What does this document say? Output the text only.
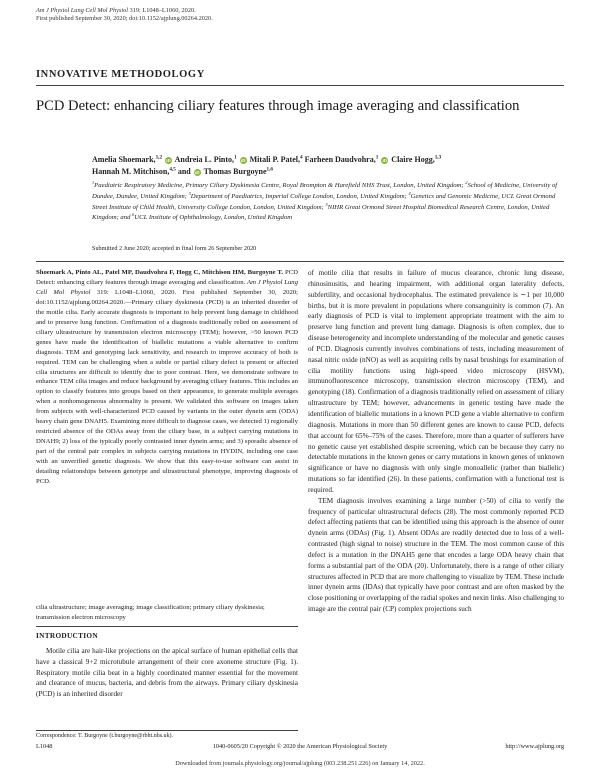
Am J Physiol Lung Cell Mol Physiol 319: L1048–L1060, 2020.
First published September 30, 2020; doi:10.1152/ajplung.00264.2020.
INNOVATIVE METHODOLOGY
PCD Detect: enhancing ciliary features through image averaging and classification
Amelia Shoemark,$^{1,2}$ iD Andreia L. Pinto,$^1$ iD Mitali P. Patel,$^4$ Farheen Daudvohra,$^1$ iD Claire Hogg,$^{1,3}$
Hannah M. Mitchison,$^{4,5}$ and iD Thomas Burgoyne$^{1,6}$
$^1$Paediatric Respiratory Medicine, Primary Ciliary Dyskinesia Centre, Royal Brompton & Harefield NHS Trust, London, United Kingdom; $^2$School of Medicine, University of Dundee, Dundee, United Kingdom; $^3$Department of Paediatrics, Imperial College London, London, United Kingdom; $^4$Genetics and Genomic Medicine, UCL Great Ormond Street Institute of Child Health, University College London, London, United Kingdom; $^5$NIHR Great Ormond Street Hospital Biomedical Research Centre, London, United Kingdom; and $^6$UCL Institute of Ophthalmology, London, United Kingdom
Submitted 2 June 2020; accepted in final form 26 September 2020
Shoemark A, Pinto AL, Patel MP, Daudvohra F, Hogg C, Mitchison HM, Burgoyne T. PCD Detect: enhancing ciliary features through image averaging and classification. Am J Physiol Lung Cell Mol Physiol 319: L1048–L1060, 2020. First published September 30, 2020; doi:10.1152/ajplung.00264.2020.—Primary ciliary dyskinesia (PCD) is an inherited disorder of the motile cilia. Early accurate diagnosis is important to help prevent lung damage in childhood and to preserve lung function. Confirmation of a diagnosis traditionally relied on assessment of ciliary ultrastructure by transmission electron microscopy (TEM); however, >50 known PCD genes have made the identification of biallelic mutations a viable alternative to confirm diagnosis. TEM and genotyping lack sensitivity, and research to improve accuracy of both is required. TEM can be challenging when a subtle or partial ciliary defect is present or affected cilia structures are difficult to identify due to poor contrast. Here, we demonstrate software to enhance TEM cilia images and reduce background by averaging ciliary features. This includes an option to classify features into groups based on their appearance, to generate multiple averages when a nonhomogeneous abnormality is present. We validated this software on images taken from subjects with well-characterized PCD caused by variants in the outer dynein arm (ODA) heavy chain gene DNAH5. Examining more difficult to diagnose cases, we detected 1) regionally restricted absence of the ODAs away from the ciliary base, in a subject carrying mutations in DNAH9; 2) loss of the typically poorly contrasted inner dynein arms; and 3) sporadic absence of part of the central pair complex in subjects carrying mutations in HYDIN, including one case with an unverified genetic diagnosis. We show that this easy-to-use software can assist in detailing relationships between genotype and ultrastructural phenotype, improving diagnosis of PCD.
cilia ultrastructure; image averaging; image classification; primary ciliary dyskinesia; transmission electron microscopy
INTRODUCTION
Motile cilia are hair-like projections on the apical surface of human epithelial cells that have a classical 9+2 microtubule arrangement of their core axoneme structure (Fig. 1). Respiratory motile cilia beat in a highly coordinated manner essential for the movement and clearance of mucus, bacteria, and debris from the airways. Primary ciliary dyskinesia (PCD) is an inherited disorder
Correspondence: T. Burgoyne (t.burgoyne@rbht.nhs.uk).

of motile cilia that results in failure of mucus clearance, chronic lung disease, rhinosinusitis, and hearing impairment, with additional organ laterality defects, subfertility, and occasional hydrocephalus. The estimated prevalence is ∼1 per 10,000 births, but it is more prevalent in populations where consanguinity is common (7). An early diagnosis of PCD is vital to implement appropriate treatment with the aim to preserve lung function and prevent lung damage. Diagnosis is often complex, due to disease heterogeneity and incomplete understanding of the molecular and genetic causes of PCD. Diagnosis currently involves combinations of tests, including measurement of nasal nitric oxide (nNO) as well as acquiring cells by nasal brushings for examination of cilia motility functions using high-speed video microscopy (HSVM), immunofluorescence microscopy, transmission electron microscopy (TEM), and genotyping (18). Confirmation of a diagnosis traditionally relied on assessment of ciliary ultrastructure by TEM; however, advancements in genetic testing have made the identification of biallelic mutations in a known PCD gene a viable alternative to confirm diagnosis. Mutations in more than 50 different genes are known to cause PCD, defects that account for 65%–75% of the cases. Therefore, more than a quarter of sufferers have no genetic cause yet established despite screening, which can be because they carry no detectable mutations in the known genes or carry mutations in known genes of unknown significance or have no diagnosis with only single monoallelic (rather than biallelic) mutations so far identified (26). In these patients, confirmation with a functional test is required.

TEM diagnosis involves examining a large number (>50) of cilia to verify the frequency of particular ultrastructural defects (28). The most commonly reported PCD defect affecting patients that can be identified using this approach is the absence of outer dynein arms (ODAs) (Fig. 1). Absent ODAs are readily detected due to loss of a well-contrasted (high signal to noise) structure in the TEM. The most common cause of this defect is a mutation in the DNAH5 gene that encodes a large ODA heavy chain that forms a substantial part of the ODA (20). Unfortunately, there is a range of other ciliary structures affected in PCD that are more challenging to visualize by TEM. These include inner dynein arms (IDAs) that typically have poor contrast and are often masked by the close positioning or overlapping of the radial spokes and nexin links. Also challenging to image are the central pair (CP) complex projections such

L1048	1040-0605/20 Copyright © 2020 the American Physiological Society	http://www.ajplung.org
Downloaded from journals.physiology.org/journal/ajplung (003.238.251.226) on January 14, 2022.
